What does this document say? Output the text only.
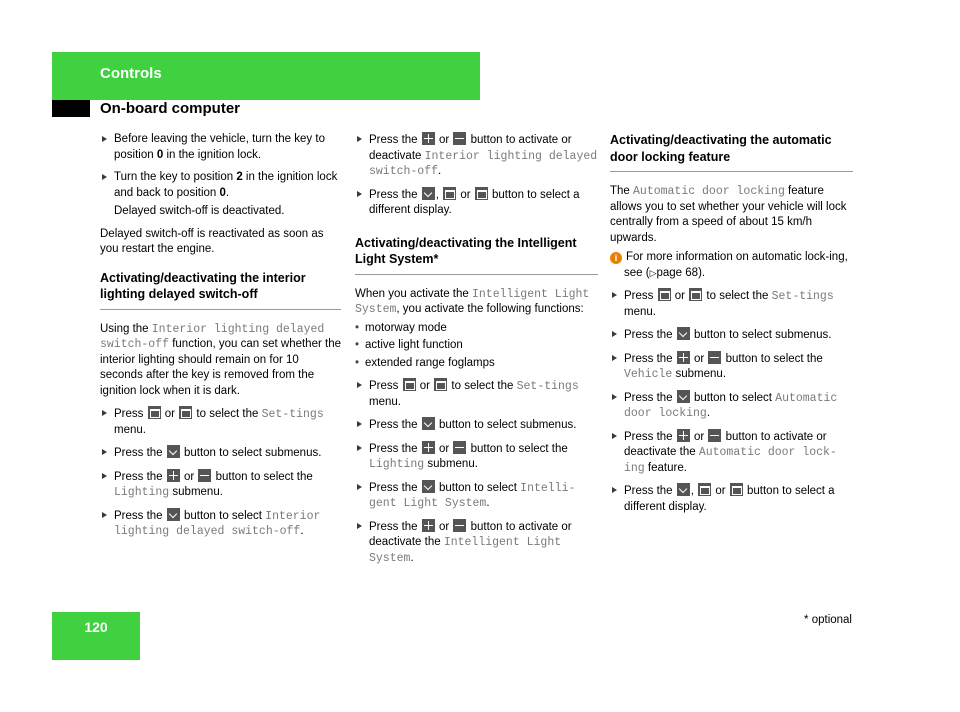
Controls
On-board computer
Before leaving the vehicle, turn the key to position 0 in the ignition lock.
Turn the key to position 2 in the ignition lock and back to position 0.
Delayed switch-off is deactivated.
Delayed switch-off is reactivated as soon as you restart the engine.
Activating/deactivating the interior lighting delayed switch-off
Using the Interior lighting delayed switch-off function, you can set whether the interior lighting should remain on for 10 seconds after the key is removed from the ignition lock when it is dark.
Press  or  to select the Set-tings menu.
Press the  button to select submenus.
Press the  or  button to select the Lighting submenu.
Press the  button to select Interior lighting delayed switch-off.
Press the  or  button to activate or deactivate Interior lighting delayed switch-off.
Press the ,  or  button to select a different display.
Activating/deactivating the Intelligent Light System*
When you activate the Intelligent Light System, you activate the following functions:
• motorway mode
• active light function
• extended range foglamps
Press  or  to select the Set-tings menu.
Press the  button to select submenus.
Press the  or  button to select the Lighting submenu.
Press the  button to select Intelli-gent Light System.
Press the  or  button to activate or deactivate the Intelligent Light System.
Activating/deactivating the automatic door locking feature
The Automatic door locking feature allows you to set whether your vehicle will lock centrally from a speed of about 15 km/h upwards.
i For more information on automatic lock-ing, see (▷page 68).
Press  or  to select the Set-tings menu.
Press the  button to select submenus.
Press the  or  button to select the Vehicle submenu.
Press the  button to select Automatic door locking.
Press the  or  button to activate or deactivate the Automatic door lock-ing feature.
Press the ,  or  button to select a different display.
120	* optional
